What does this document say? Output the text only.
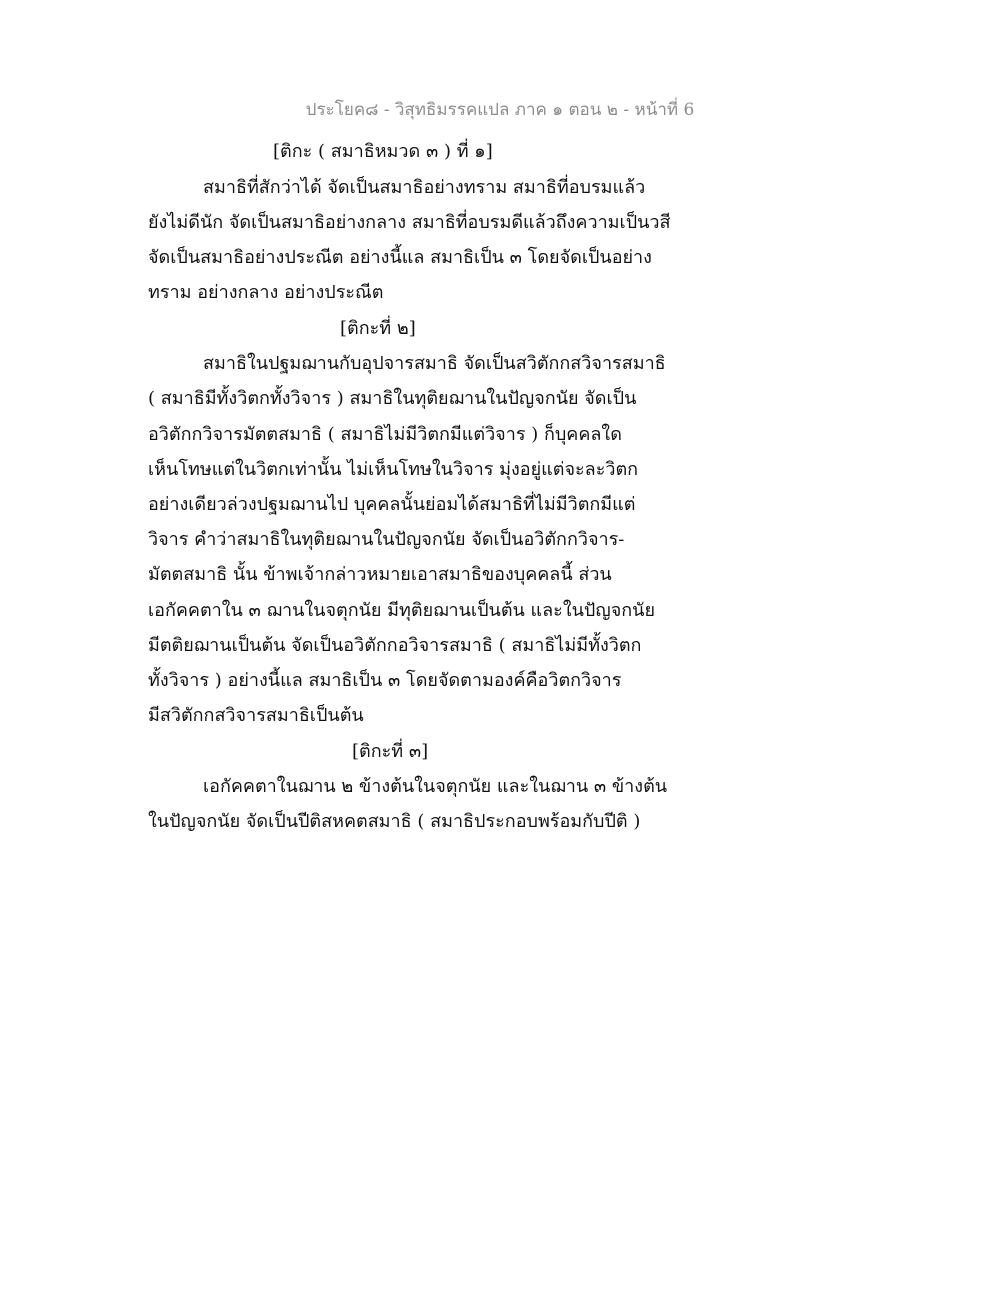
ประโยค๘ - วิสุทธิมรรคแปล ภาค ๑ ตอน ๒ - หน้าที่ 6
[ติกะ ( สมาธิหมวด ๓ ) ที่ ๑]
สมาธิที่สักว่าได้ จัดเป็นสมาธิอย่างทราม สมาธิที่อบรมแล้ว
ยังไม่ดีนัก จัดเป็นสมาธิอย่างกลาง สมาธิที่อบรมดีแล้วถึงความเป็นวสี
จัดเป็นสมาธิอย่างประณีต อย่างนี้แล สมาธิเป็น ๓ โดยจัดเป็นอย่าง
ทราม อย่างกลาง อย่างประณีต
[ติกะที่ ๒]
สมาธิในปฐมฌานกับอุปจารสมาธิ จัดเป็นสวิตักกสวิจารสมาธิ
( สมาธิมีทั้งวิตกทั้งวิจาร ) สมาธิในทุติยฌานในปัญจกนัย จัดเป็น
อวิตักกวิจารมัตตสมาธิ ( สมาธิไม่มีวิตกมีแต่วิจาร ) ก็บุคคลใด
เห็นโทษแต่ในวิตกเท่านั้น ไม่เห็นโทษในวิจาร มุ่งอยู่แต่จะละวิตก
อย่างเดียวล่วงปฐมฌานไป บุคคลนั้นย่อมได้สมาธิที่ไม่มีวิตกมีแต่
วิจาร คำว่าสมาธิในทุติยฌานในปัญจกนัย จัดเป็นอวิตักกวิจาร-
มัตตสมาธิ นั้น ข้าพเจ้ากล่าวหมายเอาสมาธิของบุคคลนี้ ส่วน
เอกัคคตาใน ๓ ฌานในจตุกนัย มีทุติยฌานเป็นต้น และในปัญจกนัย
มีตติยฌานเป็นต้น จัดเป็นอวิตักกอวิจารสมาธิ ( สมาธิไม่มีทั้งวิตก
ทั้งวิจาร ) อย่างนี้แล สมาธิเป็น ๓ โดยจัดตามองค์คือวิตกวิจาร
มีสวิตักกสวิจารสมาธิเป็นต้น
[ติกะที่ ๓]
เอกัคคตาในฌาน ๒ ข้างต้นในจตุกนัย และในฌาน ๓ ข้างต้น
ในปัญจกนัย จัดเป็นปีติสหคตสมาธิ ( สมาธิประกอบพร้อมกับปีติ )
